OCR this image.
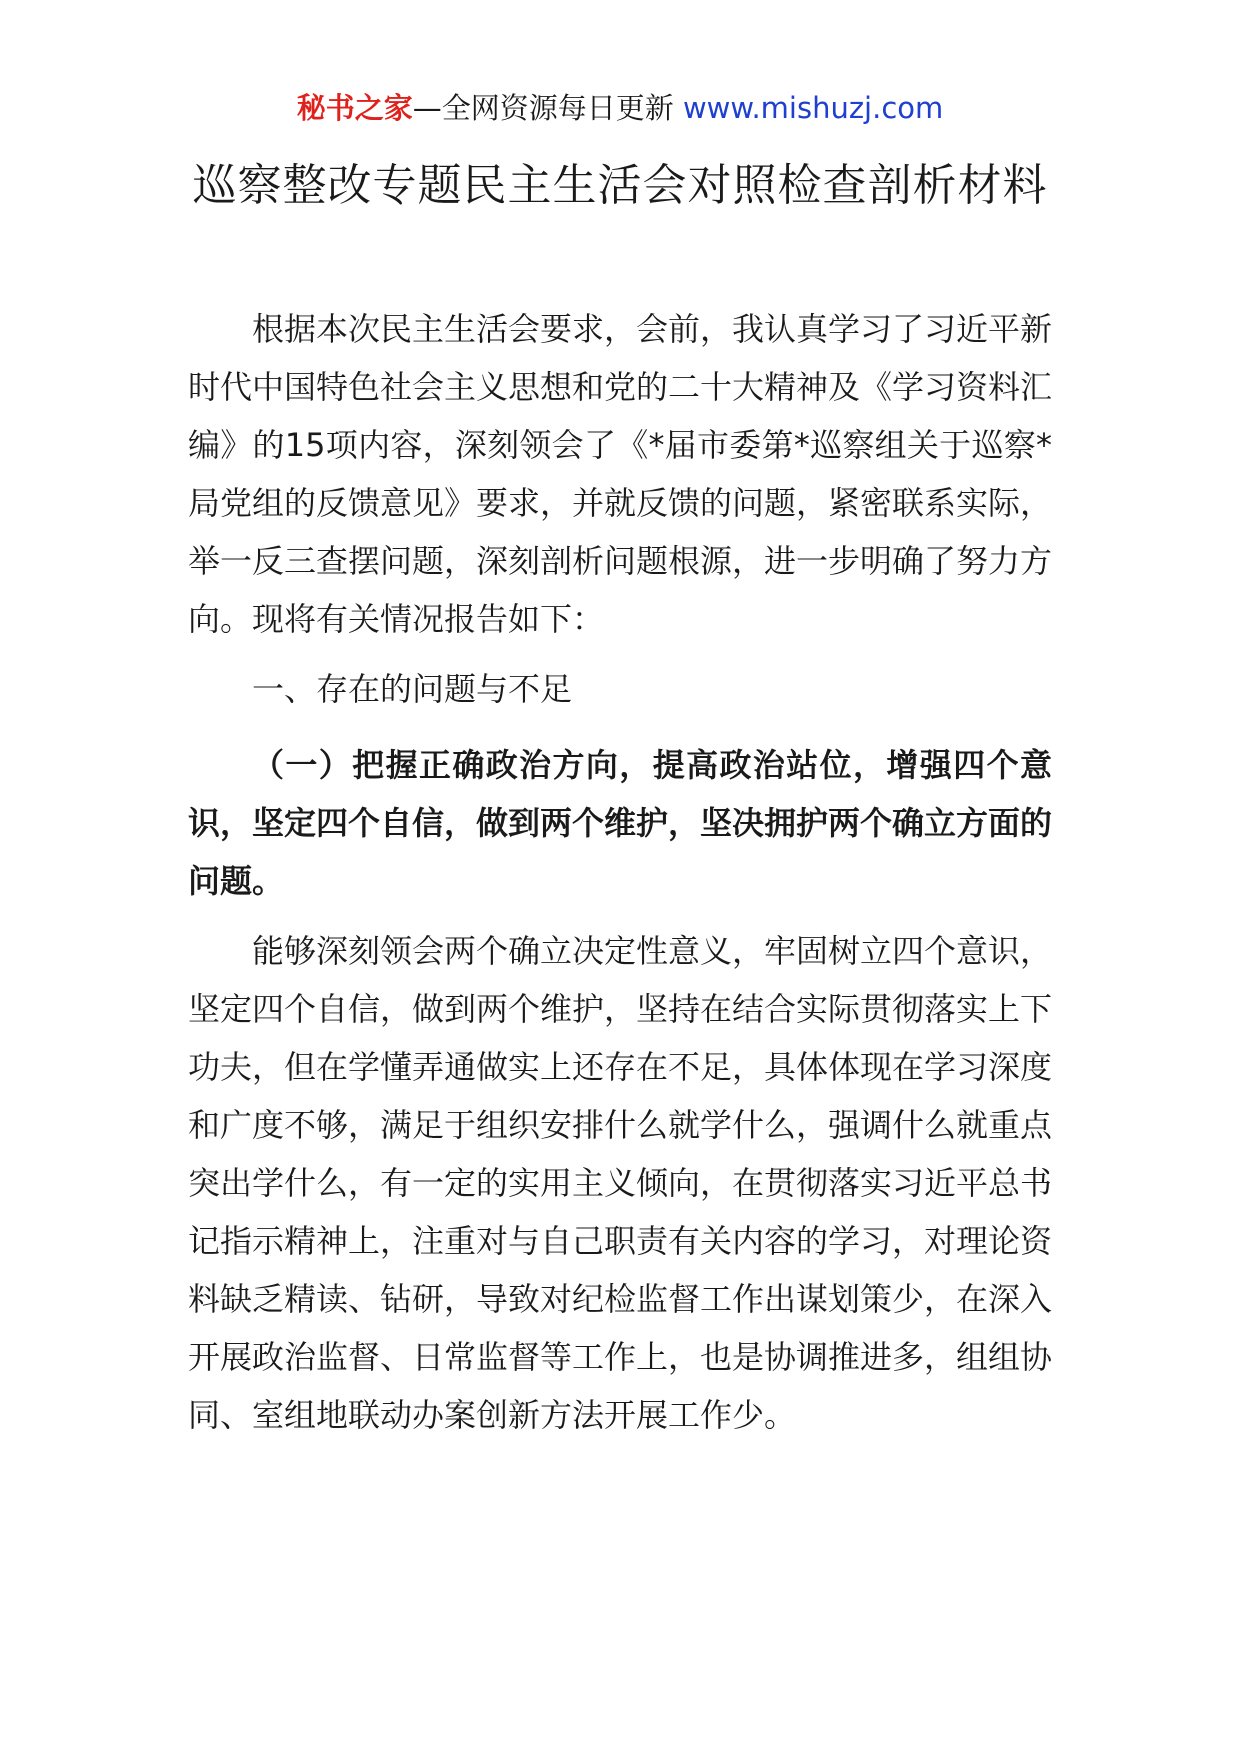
秘书之家—全网资源每日更新 www.mishuzj.com
巡察整改专题民主生活会对照检查剖析材料
根据本次民主生活会要求，会前，我认真学习了习近平新时代中国特色社会主义思想和党的二十大精神及《学习资料汇编》的15项内容，深刻领会了《*届市委第*巡察组关于巡察*局党组的反馈意见》要求，并就反馈的问题，紧密联系实际，举一反三查摆问题，深刻剖析问题根源，进一步明确了努力方向。现将有关情况报告如下：
一、存在的问题与不足
（一）把握正确政治方向，提高政治站位，增强四个意识，坚定四个自信，做到两个维护，坚决拥护两个确立方面的问题。
能够深刻领会两个确立决定性意义，牢固树立四个意识，坚定四个自信，做到两个维护，坚持在结合实际贯彻落实上下功夫，但在学懂弄通做实上还存在不足，具体体现在学习深度和广度不够，满足于组织安排什么就学什么，强调什么就重点突出学什么，有一定的实用主义倾向，在贯彻落实习近平总书记指示精神上，注重对与自己职责有关内容的学习，对理论资料缺乏精读、钻研，导致对纪检监督工作出谋划策少，在深入开展政治监督、日常监督等工作上，也是协调推进多，组组协同、室组地联动办案创新方法开展工作少。
